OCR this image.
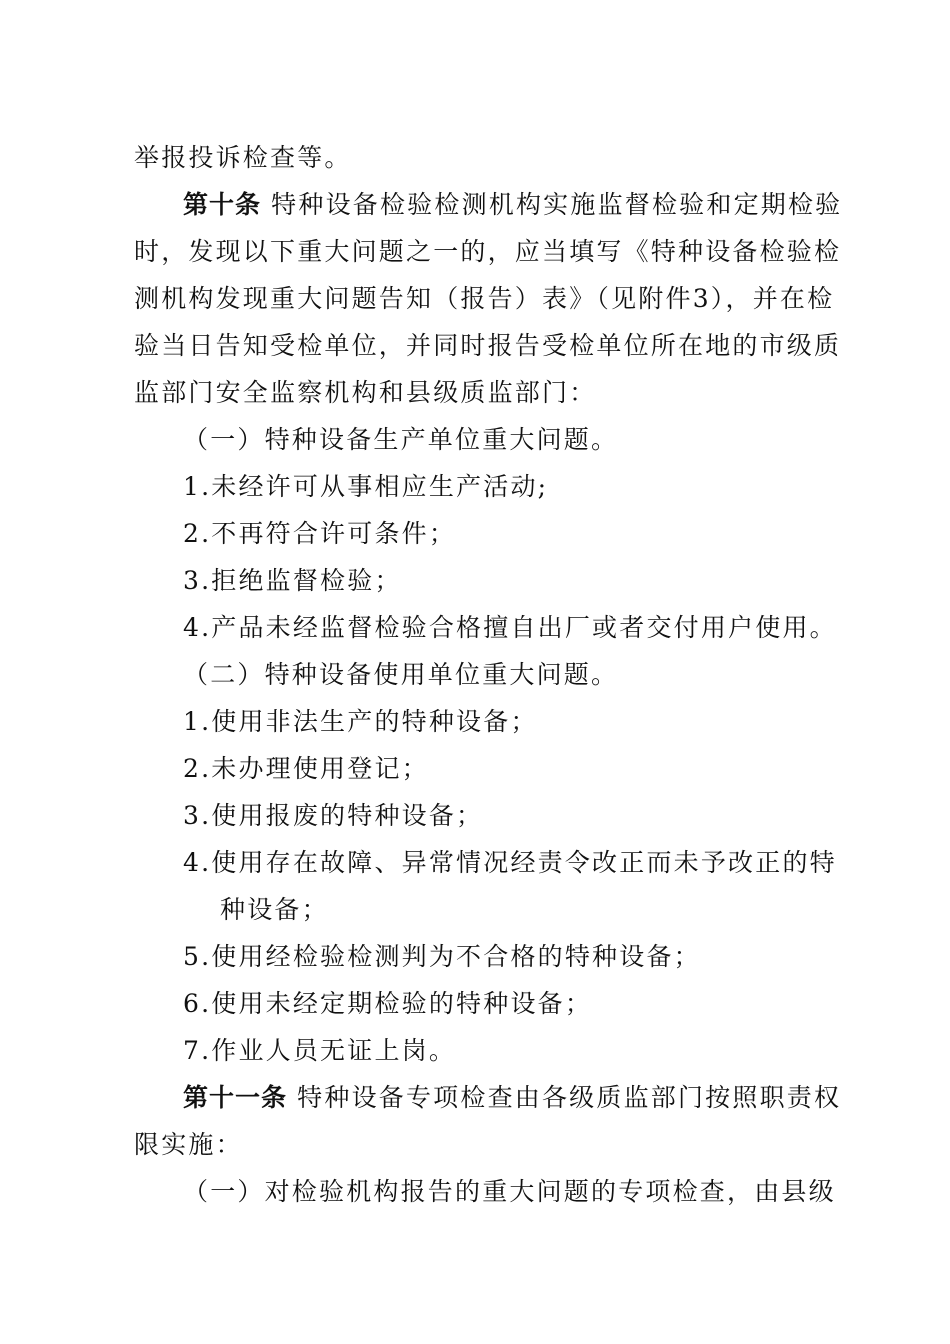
举报投诉检查等。
第十条 特种设备检验检测机构实施监督检验和定期检验
时，发现以下重大问题之一的，应当填写《特种设备检验检
测机构发现重大问题告知（报告）表》（见附件3），并在检
验当日告知受检单位，并同时报告受检单位所在地的市级质
监部门安全监察机构和县级质监部门：
（一）特种设备生产单位重大问题。
1.未经许可从事相应生产活动;
2.不再符合许可条件；
3.拒绝监督检验；
4.产品未经监督检验合格擅自出厂或者交付用户使用。
（二）特种设备使用单位重大问题。
1.使用非法生产的特种设备；
2.未办理使用登记；
3.使用报废的特种设备；
4.使用存在故障、异常情况经责令改正而未予改正的特
种设备；
5.使用经检验检测判为不合格的特种设备；
6.使用未经定期检验的特种设备；
7.作业人员无证上岗。
第十一条 特种设备专项检查由各级质监部门按照职责权
限实施：
（一）对检验机构报告的重大问题的专项检查，由县级
